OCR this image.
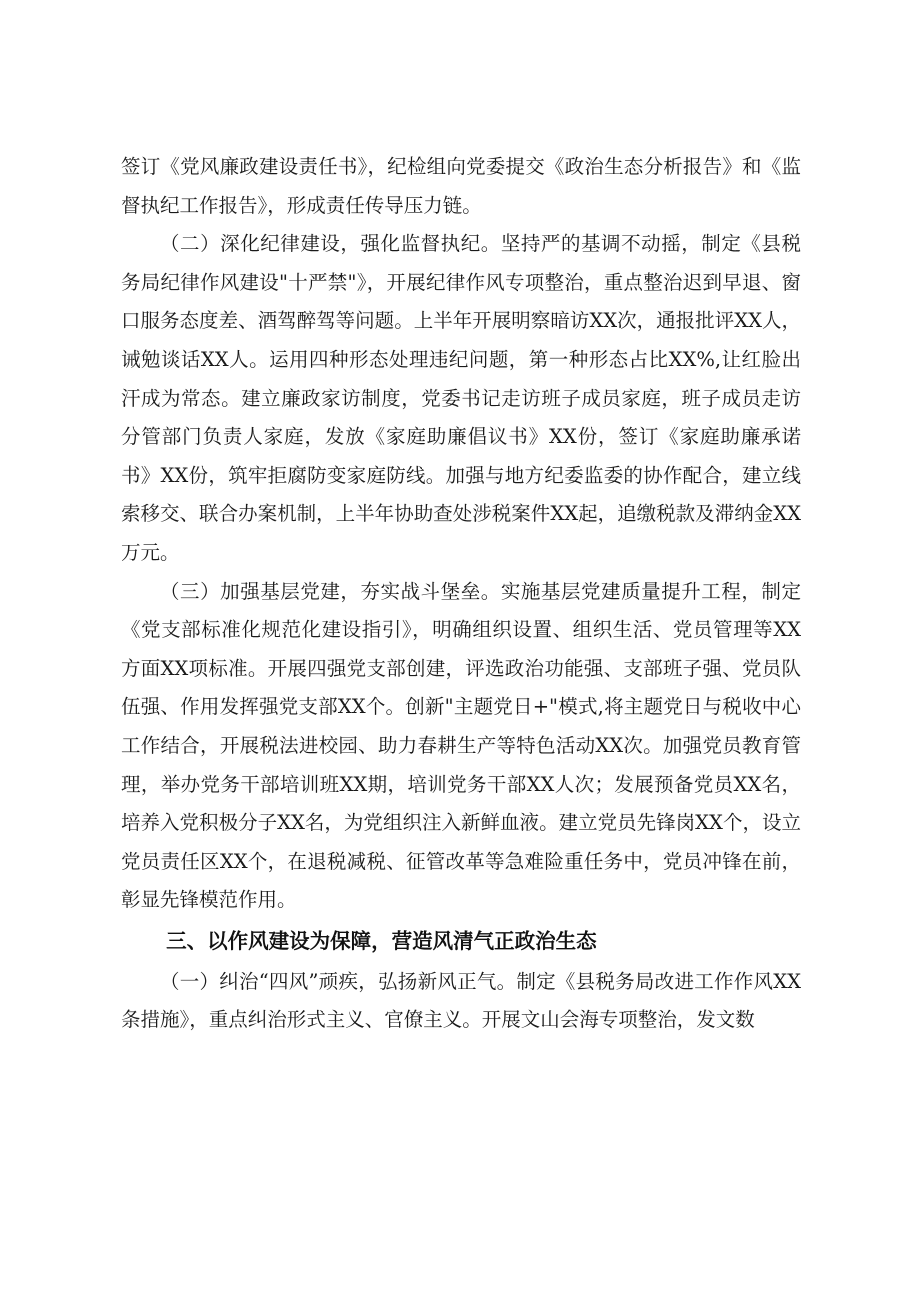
签订《党风廉政建设责任书》，纪检组向党委提交《政治生态分析报告》和《监督执纪工作报告》，形成责任传导压力链。

（二）深化纪律建设，强化监督执纪。坚持严的基调不动摇，制定《县税务局纪律作风建设"十严禁"》，开展纪律作风专项整治，重点整治迟到早退、窗口服务态度差、酒驾醉驾等问题。上半年开展明察暗访XX次，通报批评XX人，诫勉谈话XX人。运用四种形态处理违纪问题，第一种形态占比XX%,让红脸出汗成为常态。建立廉政家访制度，党委书记走访班子成员家庭，班子成员走访分管部门负责人家庭，发放《家庭助廉倡议书》XX份，签订《家庭助廉承诺书》XX份，筑牢拒腐防变家庭防线。加强与地方纪委监委的协作配合，建立线索移交、联合办案机制，上半年协助查处涉税案件XX起，追缴税款及滞纳金XX万元。

（三）加强基层党建，夯实战斗堡垒。实施基层党建质量提升工程，制定《党支部标准化规范化建设指引》，明确组织设置、组织生活、党员管理等XX方面XX项标准。开展四强党支部创建，评选政治功能强、支部班子强、党员队伍强、作用发挥强党支部XX个。创新"主题党日+"模式,将主题党日与税收中心工作结合，开展税法进校园、助力春耕生产等特色活动XX次。加强党员教育管理，举办党务干部培训班XX期，培训党务干部XX人次；发展预备党员XX名，培养入党积极分子XX名，为党组织注入新鲜血液。建立党员先锋岗XX个，设立党员责任区XX个，在退税减税、征管改革等急难险重任务中，党员冲锋在前，彰显先锋模范作用。

三、以作风建设为保障，营造风清气正政治生态

（一）纠治“四风”顽疾，弘扬新风正气。制定《县税务局改进工作作风XX条措施》，重点纠治形式主义、官僚主义。开展文山会海专项整治，发文数
